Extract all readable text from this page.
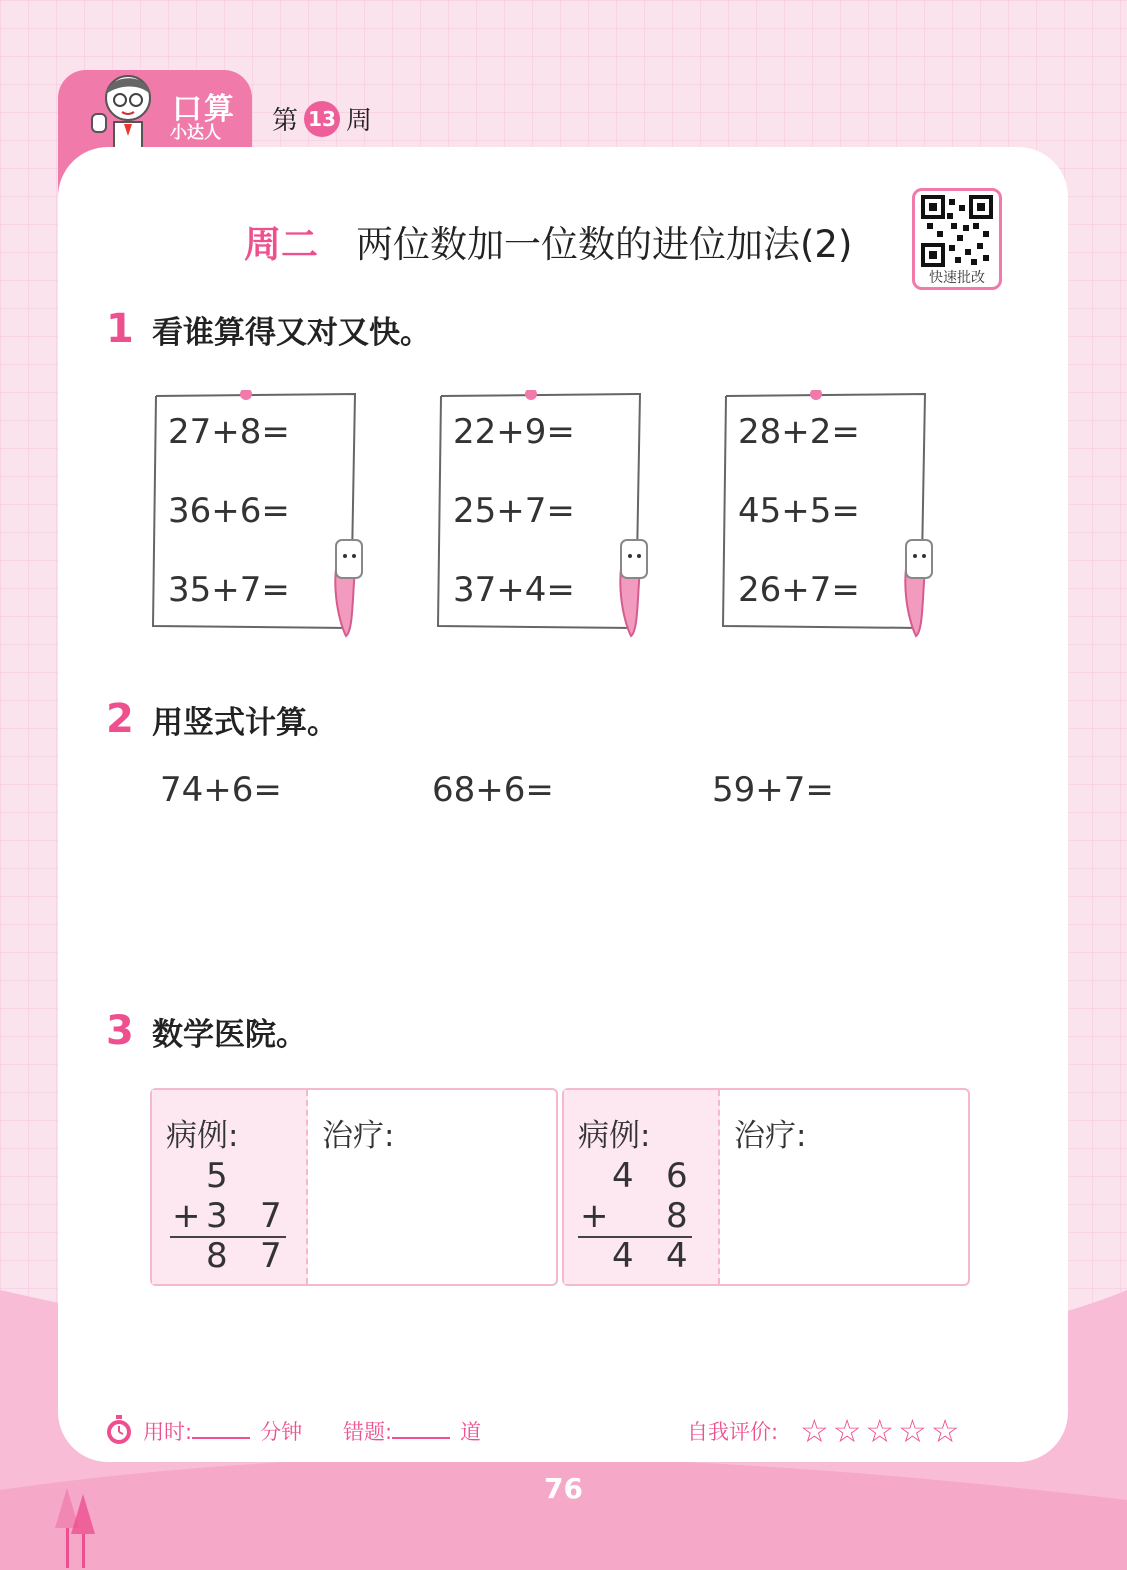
口算
小达人 第 13 周
周二 两位数加一位数的进位加法(2)
快速批改
1 看谁算得又对又快。
27+8=
36+6=
35+7=
22+9=
25+7=
37+4=
28+2=
45+5=
26+7=
2 用竖式计算。
74+6=	68+6=	59+7=
3 数学医院。
病例:	治疗:
5
+ 3 7
8 7
病例:	治疗:
4 6
+ 8
4 4
用时:	分钟 错题:	道	自我评价: ☆☆☆☆☆
76
